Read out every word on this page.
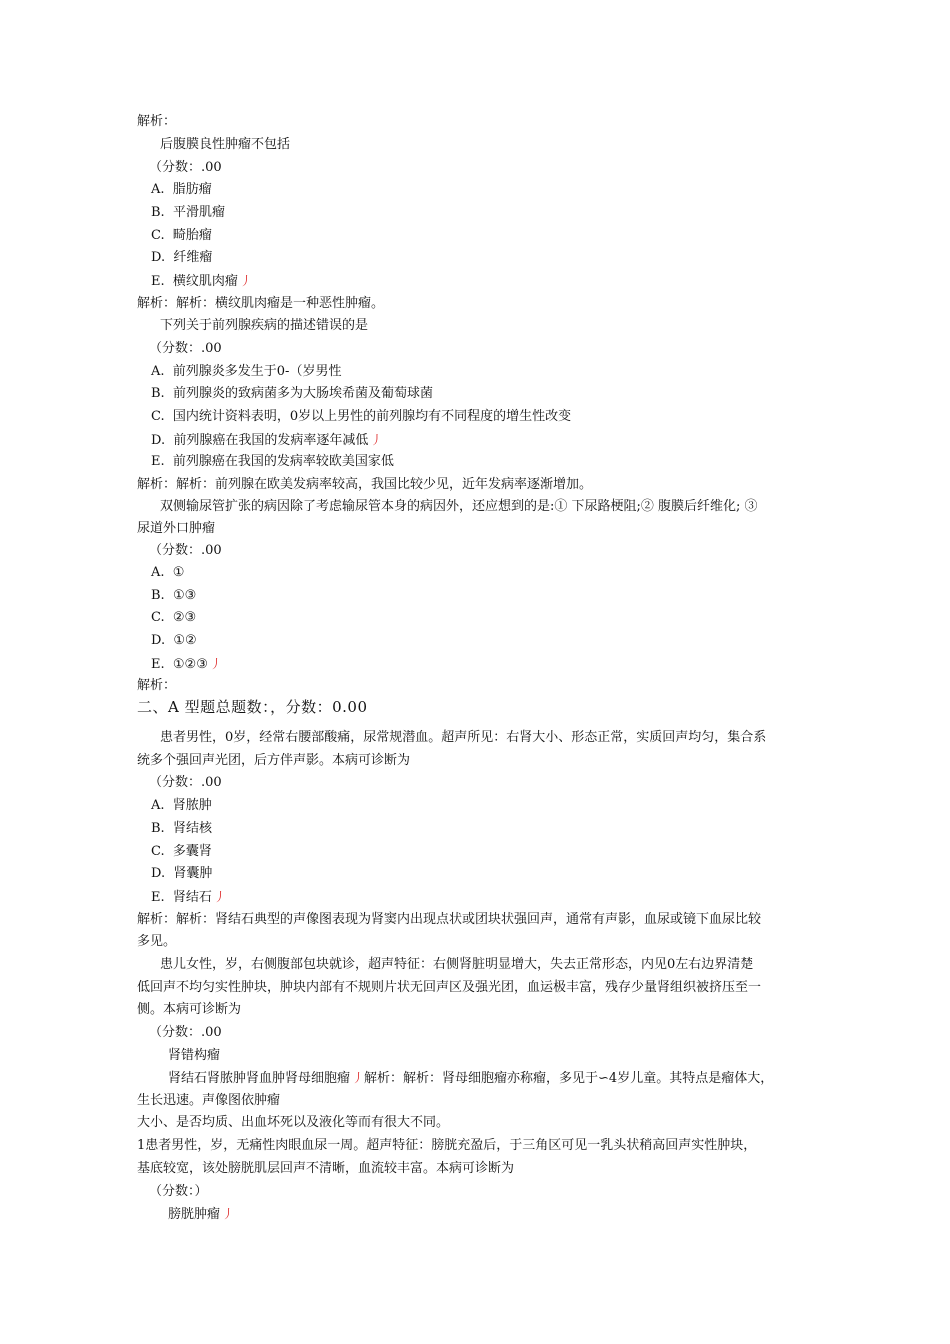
解析：
后腹膜良性肿瘤不包括
（分数：.00
A.  脂肪瘤
B.  平滑肌瘤
C.  畸胎瘤
D.  纤维瘤
E.  横纹肌肉瘤 丿
解析：解析：横纹肌肉瘤是一种恶性肿瘤。
下列关于前列腺疾病的描述错误的是
（分数：.00
A.  前列腺炎多发生于0-（岁男性
B.  前列腺炎的致病菌多为大肠埃希菌及葡萄球菌
C.  国内统计资料表明，0岁以上男性的前列腺均有不同程度的增生性改变
D.  前列腺癌在我国的发病率逐年减低 丿
E.  前列腺癌在我国的发病率较欧美国家低
解析：解析：前列腺在欧美发病率较高，我国比较少见，近年发病率逐渐增加。
双侧输尿管扩张的病因除了考虑输尿管本身的病因外，还应想到的是:① 下尿路梗阻;② 腹膜后纤维化; ③
尿道外口肿瘤
（分数：.00
A.  ①
B.  ①③
C.  ②③
D.  ①②
E.  ①②③ 丿
解析：
二、A 型题总题数：，分数：0.00
患者男性，0岁，经常右腰部酸痛，尿常规潜血。超声所见：右肾大小、形态正常，实质回声均匀，集合系
统多个强回声光团，后方伴声影。本病可诊断为
（分数：.00
A.  肾脓肿
B.  肾结核
C.  多囊肾
D.  肾囊肿
E.  肾结石 丿
解析：解析：肾结石典型的声像图表现为肾窦内出现点状或团块状强回声，通常有声影，血尿或镜下血尿比较
多见。
患儿女性，岁，右侧腹部包块就诊，超声特征：右侧肾脏明显增大，失去正常形态，内见0左右边界清楚
低回声不均匀实性肿块，肿块内部有不规则片状无回声区及强光团，血运极丰富，残存少量肾组织被挤压至一
侧。本病可诊断为
（分数：.00
肾错构瘤
肾结石肾脓肿肾血肿肾母细胞瘤 丿解析：解析：肾母细胞瘤亦称瘤，多见于∽4岁儿童。其特点是瘤体大，
生长迅速。声像图依肿瘤
大小、是否均质、出血坏死以及液化等而有很大不同。
1患者男性，岁，无痛性肉眼血尿一周。超声特征：膀胱充盈后，于三角区可见一乳头状稍高回声实性肿块，
基底较宽，该处膀胱肌层回声不清晰，血流较丰富。本病可诊断为
（分数：）
膀胱肿瘤 丿
